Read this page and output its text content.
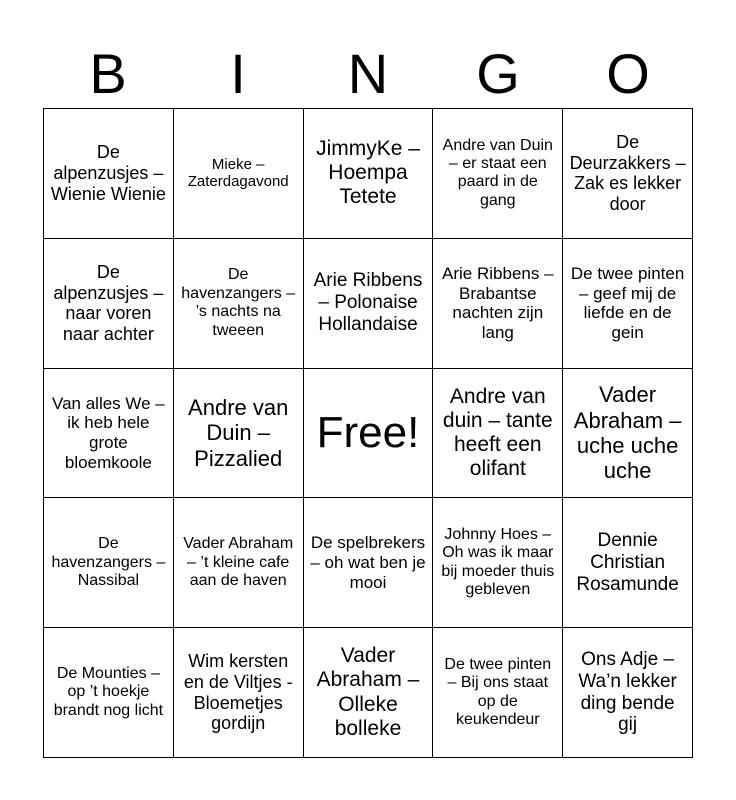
B	I	N	G	O
De alpenzusjes – Wienie Wienie
Mieke – Zaterdagavond
JimmyKe – Hoempa Tetete
Andre van Duin – er staat een paard in de gang
De Deurzakkers – Zak es lekker door
De alpenzusjes – naar voren naar achter
De havenzangers – ’s nachts na tweeen
Arie Ribbens – Polonaise Hollandaise
Arie Ribbens – Brabantse nachten zijn lang
De twee pinten – geef mij de liefde en de gein
Van alles We – ik heb hele grote bloemkoole
Andre van Duin – Pizzalied
Free!
Andre van duin – tante heeft een olifant
Vader Abraham – uche uche uche
De havenzangers – Nassibal
Vader Abraham – ’t kleine cafe aan de haven
De spelbrekers – oh wat ben je mooi
Johnny Hoes – Oh was ik maar bij moeder thuis gebleven
Dennie Christian Rosamunde
De Mounties – op ’t hoekje brandt nog licht
Wim kersten en de Viltjes - Bloemetjes gordijn
Vader Abraham – Olleke bolleke
De twee pinten – Bij ons staat op de keukendeur
Ons Adje – Wa’n lekker ding bende gij
